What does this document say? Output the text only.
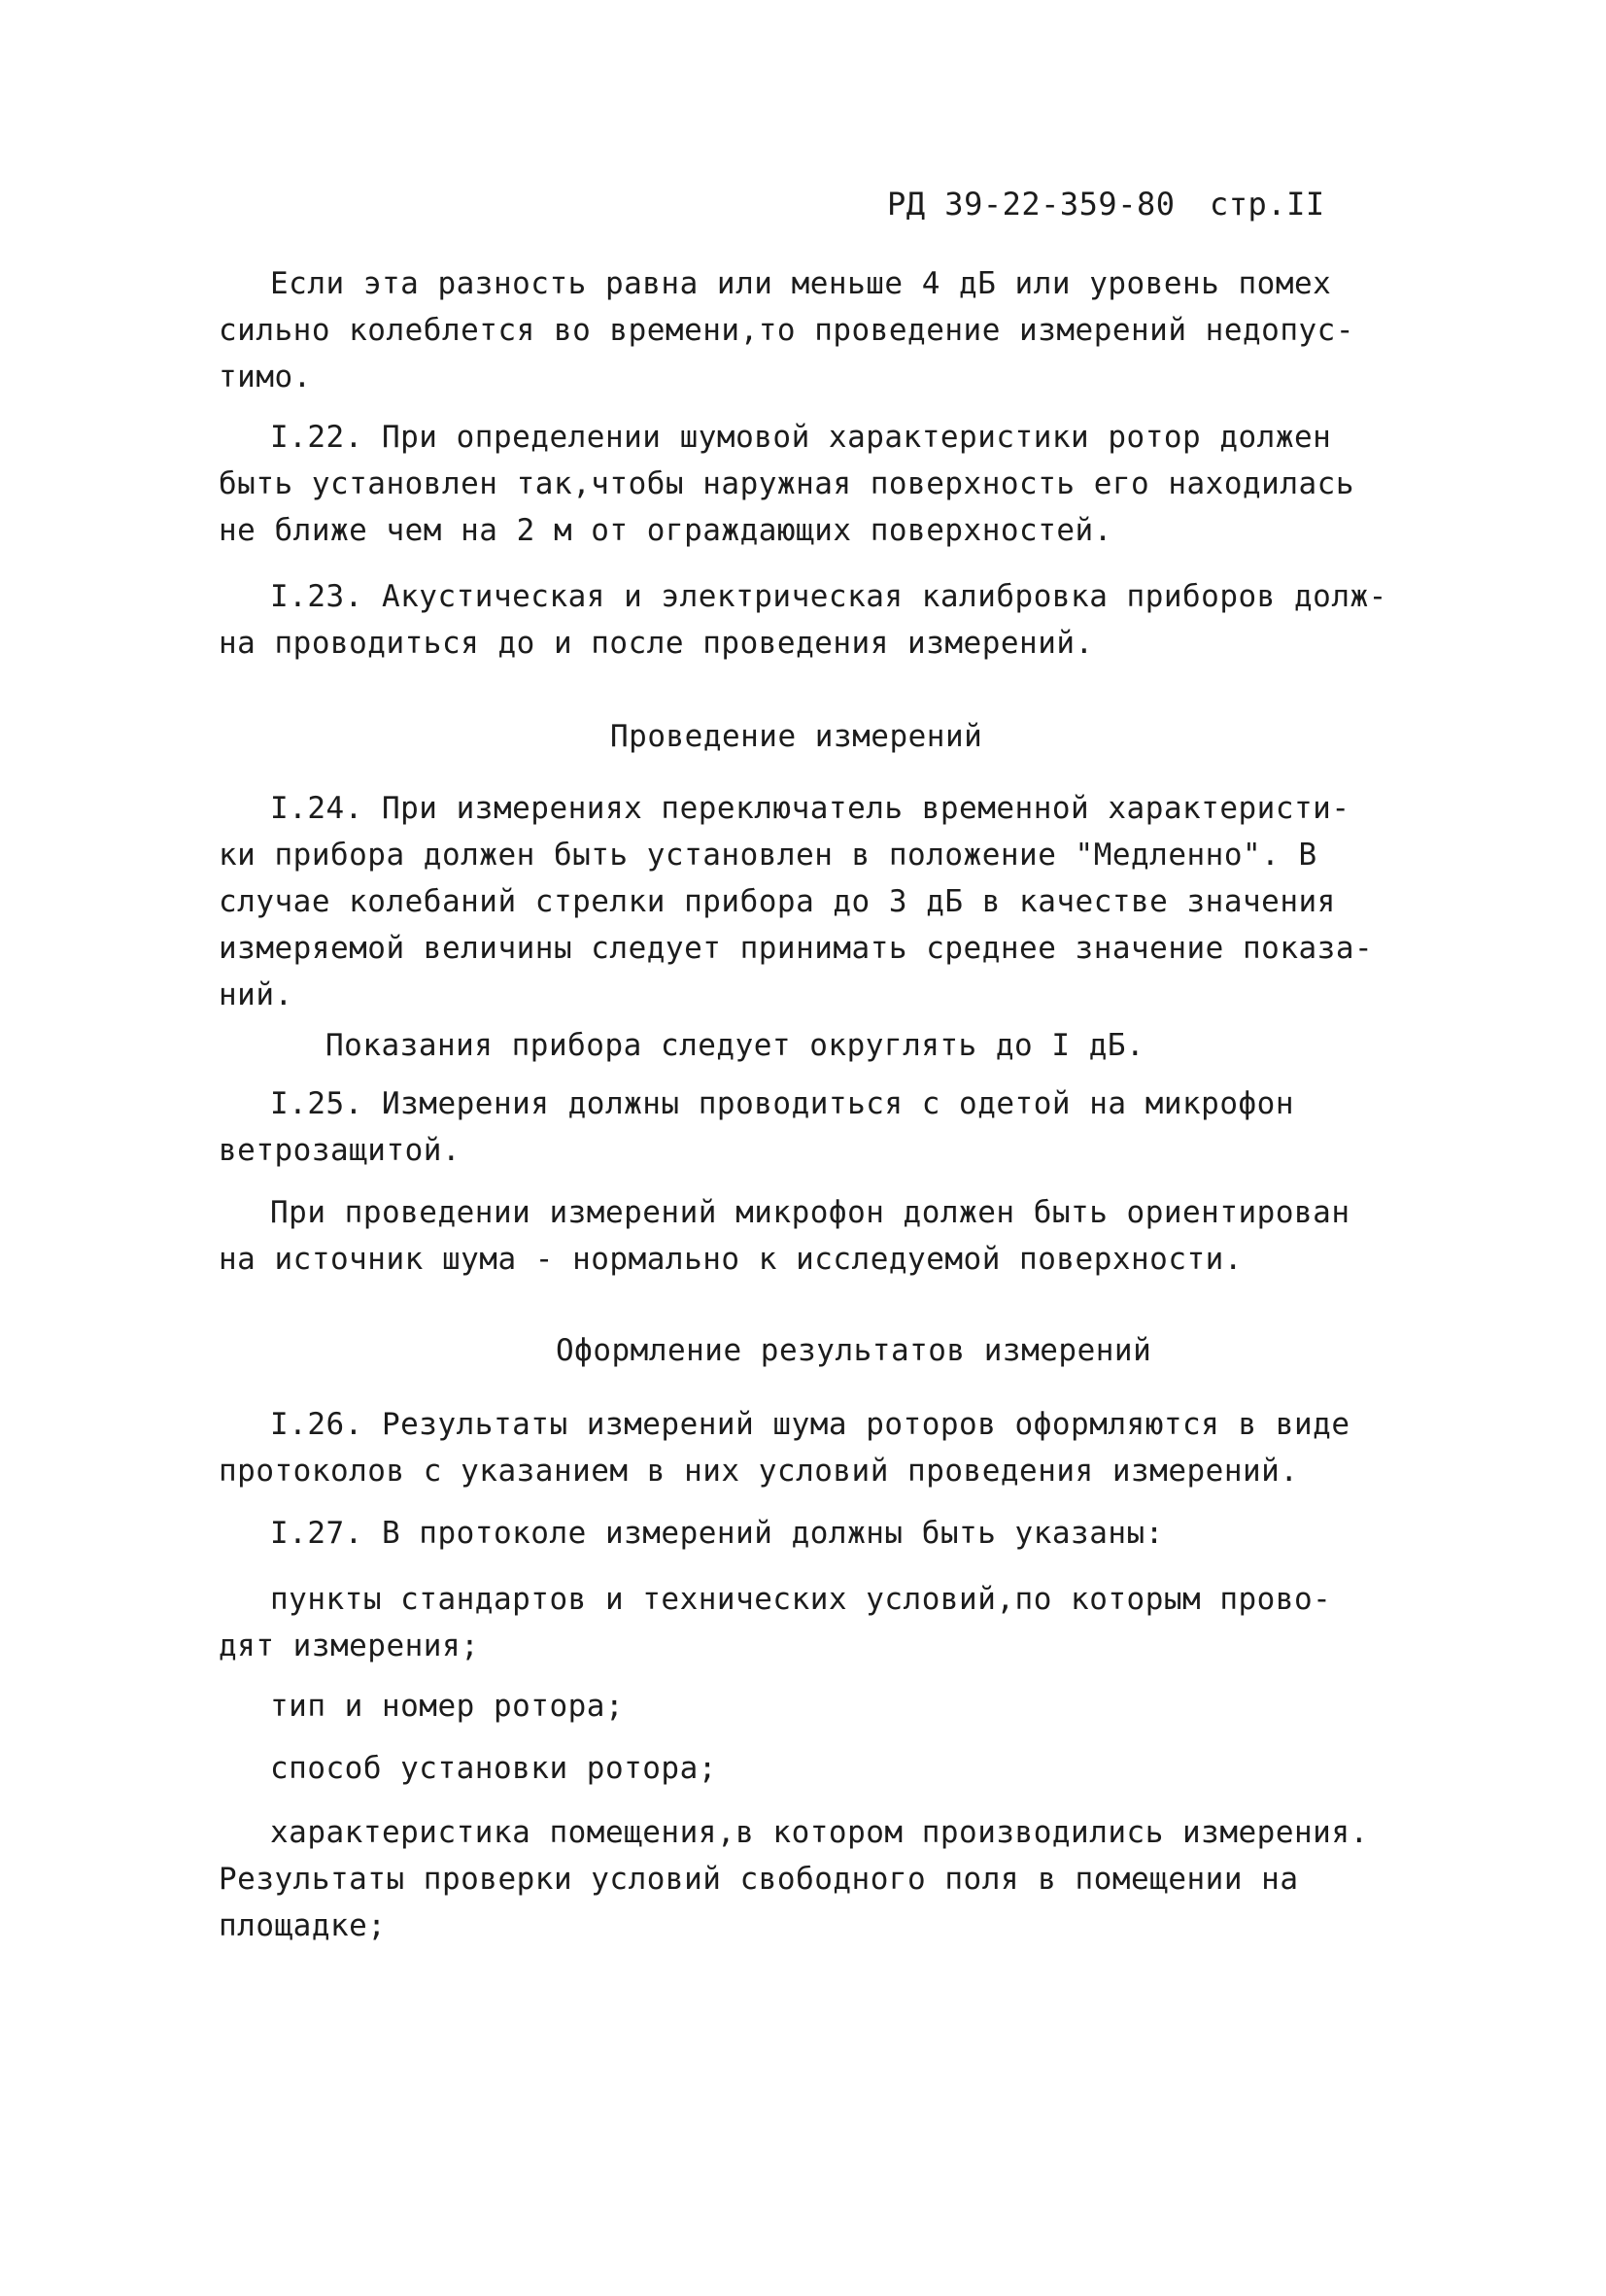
РД 39-22-359-80 стр.II
Если эта разность равна или меньше 4 дБ или уровень помех
сильно колеблется во времени,то проведение измерений недопус-
тимо.
I.22. При определении шумовой характеристики ротор должен
быть установлен так,чтобы наружная поверхность его находилась
не ближе чем на 2 м от ограждающих поверхностей.
I.23. Акустическая и электрическая калибровка приборов долж-
на проводиться до и после проведения измерений.
Проведение измерений
I.24. При измерениях переключатель временной характеристи-
ки прибора должен быть установлен в положение "Медленно". В
случае колебаний стрелки прибора до 3 дБ в качестве значения
измеряемой величины следует принимать среднее значение показа-
ний.
Показания прибора следует округлять до I дБ.
I.25. Измерения должны проводиться с одетой на микрофон
ветрозащитой.
При проведении измерений микрофон должен быть ориентирован
на источник шума - нормально к исследуемой поверхности.
Оформление результатов измерений
I.26. Результаты измерений шума роторов оформляются в виде
протоколов с указанием в них условий проведения измерений.
I.27. В протоколе измерений должны быть указаны:
пункты стандартов и технических условий,по которым прово-
дят измерения;
тип и номер ротора;
способ установки ротора;
характеристика помещения,в котором производились измерения.
Результаты проверки условий свободного поля в помещении на
площадке;
